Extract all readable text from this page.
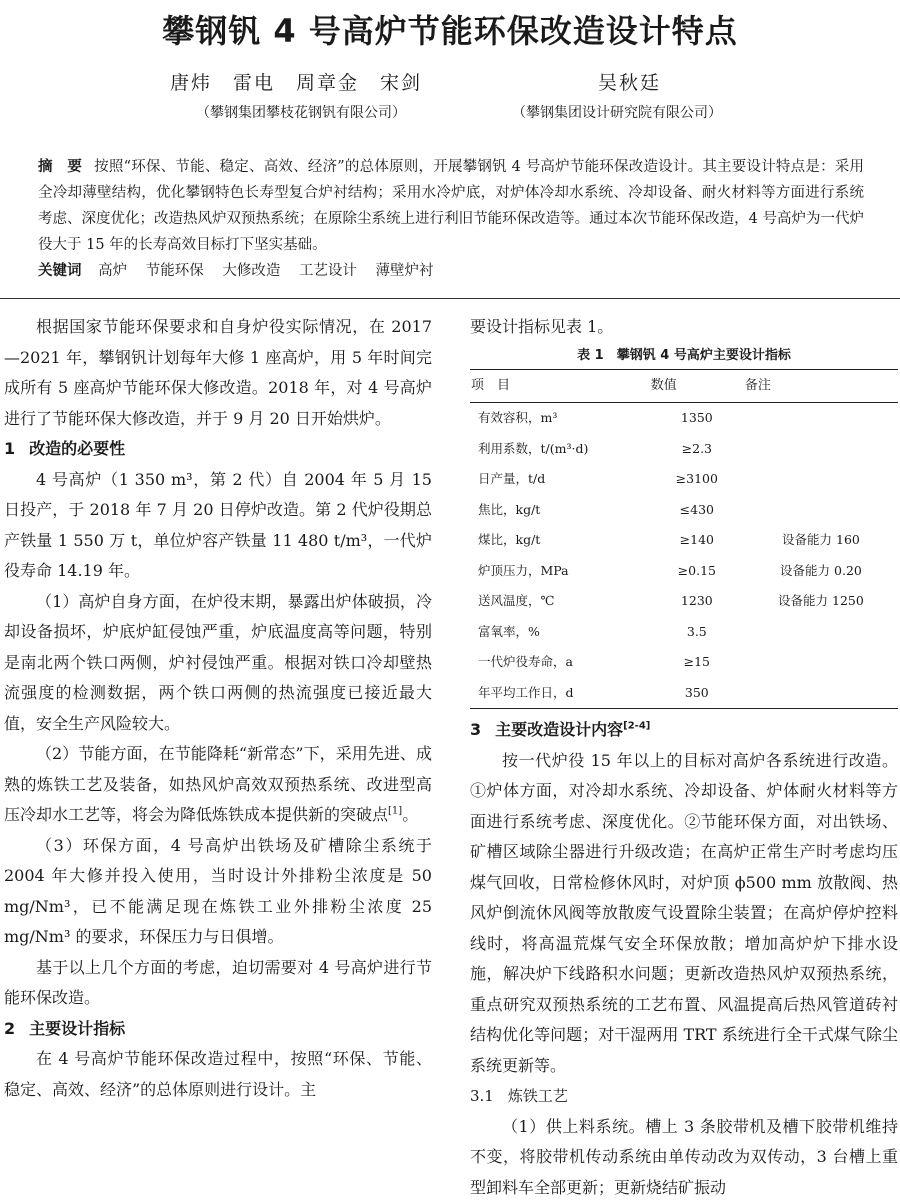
攀钢钒 4 号高炉节能环保改造设计特点
唐炜　雷电　周章金　宋剑	吴秋廷
（攀钢集团攀枝花钢钒有限公司）	（攀钢集团设计研究院有限公司）
摘　要 按照“环保、节能、稳定、高效、经济”的总体原则，开展攀钢钒 4 号高炉节能环保改造设计。其主要设计特点是：采用全冷却薄壁结构，优化攀钢特色长寿型复合炉衬结构；采用水冷炉底，对炉体冷却水系统、冷却设备、耐火材料等方面进行系统考虑、深度优化；改造热风炉双预热系统；在原除尘系统上进行利旧节能环保改造等。通过本次节能环保改造，4 号高炉为一代炉役大于 15 年的长寿高效目标打下坚实基础。
关键词 高炉 节能环保 大修改造 工艺设计 薄壁炉衬

根据国家节能环保要求和自身炉役实际情况，在 2017—2021 年，攀钢钒计划每年大修 1 座高炉，用 5 年时间完成所有 5 座高炉节能环保大修改造。2018 年，对 4 号高炉进行了节能环保大修改造，并于 9 月 20 日开始烘炉。

1 改造的必要性

4 号高炉（1 350 m³，第 2 代）自 2004 年 5 月 15 日投产，于 2018 年 7 月 20 日停炉改造。第 2 代炉役期总产铁量 1 550 万 t，单位炉容产铁量 11 480 t/m³，一代炉役寿命 14.19 年。

（1）高炉自身方面，在炉役末期，暴露出炉体破损，冷却设备损坏，炉底炉缸侵蚀严重，炉底温度高等问题，特别是南北两个铁口两侧，炉衬侵蚀严重。根据对铁口冷却壁热流强度的检测数据，两个铁口两侧的热流强度已接近最大值，安全生产风险较大。

（2）节能方面，在节能降耗“新常态”下，采用先进、成熟的炼铁工艺及装备，如热风炉高效双预热系统、改进型高压冷却水工艺等，将会为降低炼铁成本提供新的突破点[1]。

（3）环保方面，4 号高炉出铁场及矿槽除尘系统于 2004 年大修并投入使用，当时设计外排粉尘浓度是 50 mg/Nm³，已不能满足现在炼铁工业外排粉尘浓度 25 mg/Nm³ 的要求，环保压力与日俱增。

基于以上几个方面的考虑，迫切需要对 4 号高炉进行节能环保改造。

2 主要设计指标

在 4 号高炉节能环保改造过程中，按照“环保、节能、稳定、高效、经济”的总体原则进行设计。主

要设计指标见表 1。

表 1　攀钢钒 4 号高炉主要设计指标
项　目	数值	备注
有效容积，m³	1350	
利用系数，t/(m³·d)	≥2.3	
日产量，t/d	≥3100	
焦比，kg/t	≤430	
煤比，kg/t	≥140	设备能力 160
炉顶压力，MPa	≥0.15	设备能力 0.20
送风温度，℃	1230	设备能力 1250
富氧率，%	3.5	
一代炉役寿命，a	≥15	
年平均工作日，d	350	
3 主要改造设计内容[2-4]

按一代炉役 15 年以上的目标对高炉各系统进行改造。①炉体方面，对冷却水系统、冷却设备、炉体耐火材料等方面进行系统考虑、深度优化。②节能环保方面，对出铁场、矿槽区域除尘器进行升级改造；在高炉正常生产时考虑均压煤气回收，日常检修休风时，对炉顶 ϕ500 mm 放散阀、热风炉倒流休风阀等放散废气设置除尘装置；在高炉停炉控料线时，将高温荒煤气安全环保放散；增加高炉炉下排水设施，解决炉下线路积水问题；更新改造热风炉双预热系统，重点研究双预热系统的工艺布置、风温提高后热风管道砖衬结构优化等问题；对干湿两用 TRT 系统进行全干式煤气除尘系统更新等。

3.1 炼铁工艺

（1）供上料系统。槽上 3 条胶带机及槽下胶带机维持不变，将胶带机传动系统由单传动改为双传动，3 台槽上重型卸料车全部更新；更新烧结矿振动
